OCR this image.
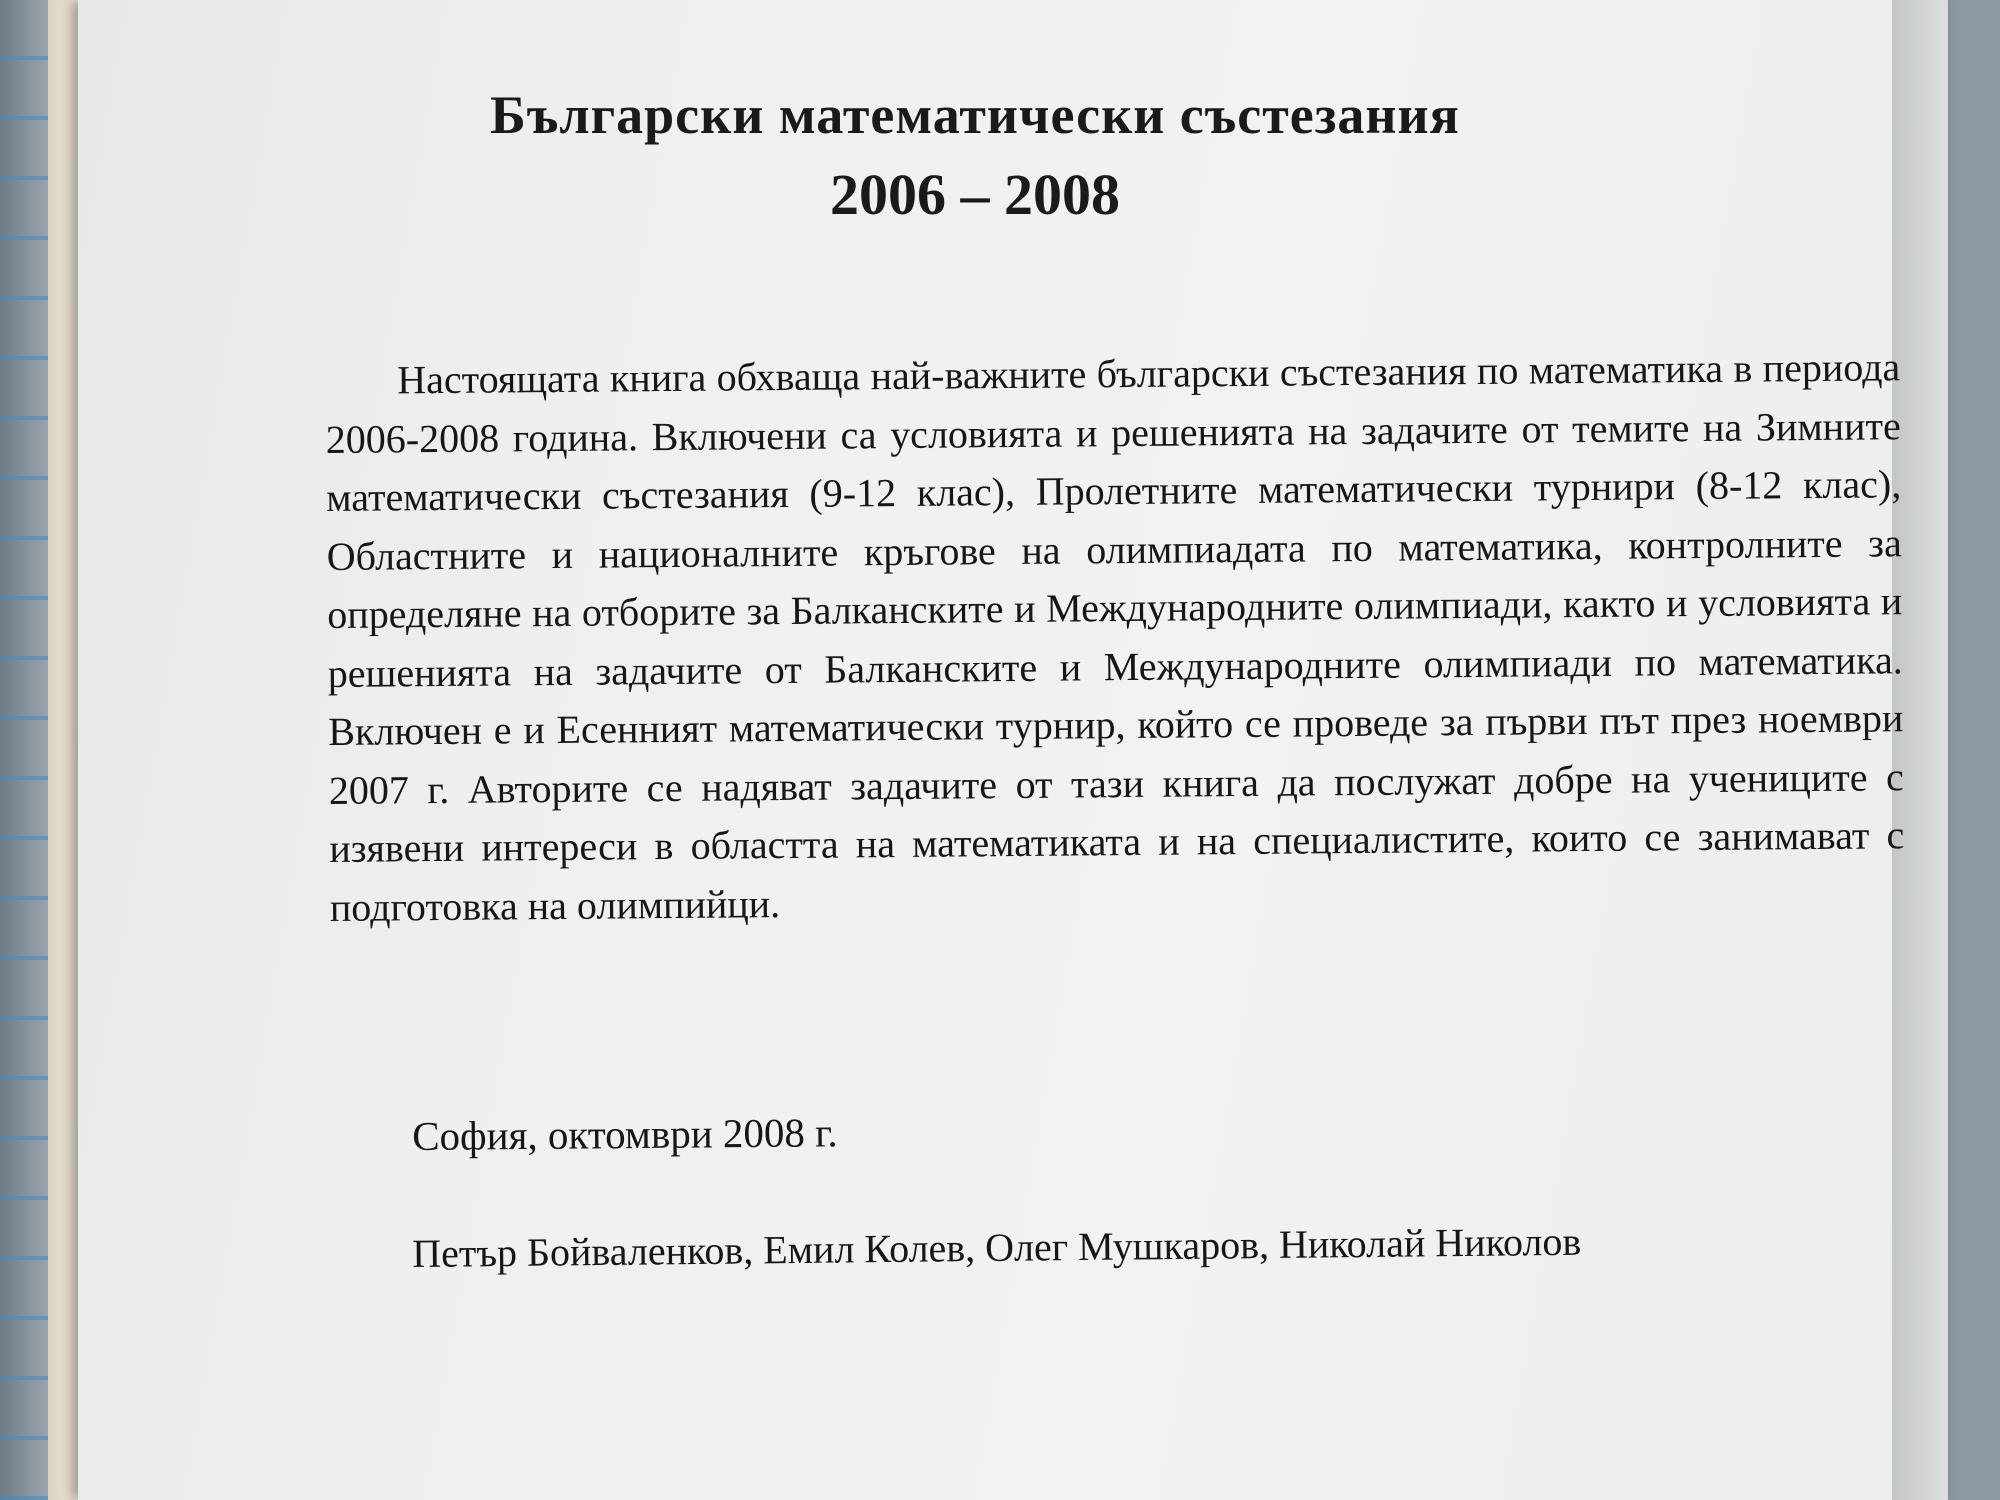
Български математически състезания

2006 – 2008

Настоящата книга обхваща най-важните български състезания по математика в периода 2006-2008 година. Включени са условията и решенията на задачите от темите на Зимните математически състезания (9-12 клас), Пролетните математически турнири (8-12 клас), Областните и националните кръгове на олимпиадата по математика, контролните за определяне на отборите за Балканските и Международните олимпиади, както и условията и решенията на задачите от Балканските и Международните олимпиади по математика. Включен е и Есенният математически турнир, който се проведе за първи път през ноември 2007 г. Авторите се надяват задачите от тази книга да послужат добре на учениците с изявени интереси в областта на математиката и на специалистите, които се занимават с подготовка на олимпийци.

София, октомври 2008 г.

Петър Бойваленков, Емил Колев, Олег Мушкаров, Николай Николов
